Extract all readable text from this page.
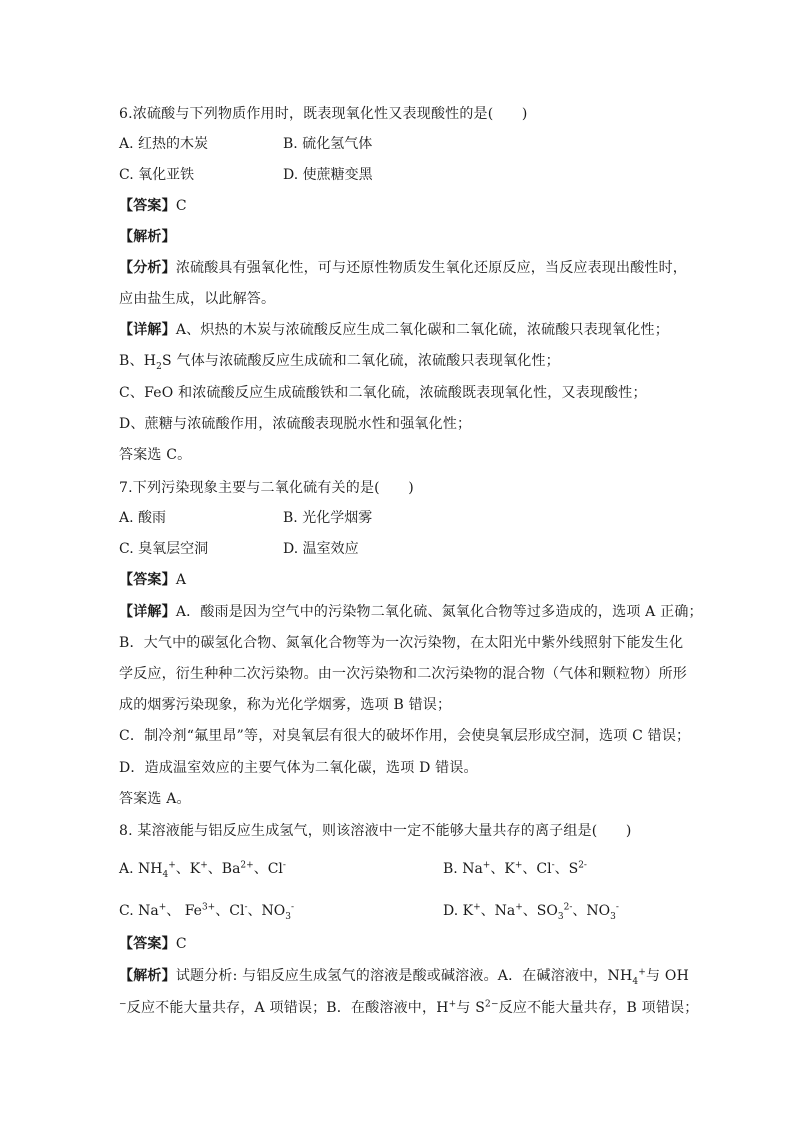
6.浓硫酸与下列物质作用时，既表现氧化性又表现酸性的是(　　)
A. 红热的木炭	B. 硫化氢气体
C. 氧化亚铁	D. 使蔗糖变黑
【答案】C
【解析】
【分析】浓硫酸具有强氧化性，可与还原性物质发生氧化还原反应，当反应表现出酸性时，
应由盐生成，以此解答。
【详解】A、炽热的木炭与浓硫酸反应生成二氧化碳和二氧化硫，浓硫酸只表现氧化性；
B、$H_2S$ 气体与浓硫酸反应生成硫和二氧化硫，浓硫酸只表现氧化性；
C、FeO 和浓硫酸反应生成硫酸铁和二氧化硫，浓硫酸既表现氧化性，又表现酸性；
D、蔗糖与浓硫酸作用，浓硫酸表现脱水性和强氧化性；
答案选 C。
7.下列污染现象主要与二氧化硫有关的是(　　)
A. 酸雨	B. 光化学烟雾
C. 臭氧层空洞	D. 温室效应
【答案】A
【详解】A．酸雨是因为空气中的污染物二氧化硫、氮氧化合物等过多造成的，选项 A 正确；
B．大气中的碳氢化合物、氮氧化合物等为一次污染物，在太阳光中紫外线照射下能发生化
学反应，衍生种种二次污染物。由一次污染物和二次污染物的混合物（气体和颗粒物）所形
成的烟雾污染现象，称为光化学烟雾，选项 B 错误；
C．制冷剂“氟里昂”等，对臭氧层有很大的破坏作用，会使臭氧层形成空洞，选项 C 错误；
D．造成温室效应的主要气体为二氧化碳，选项 D 错误。
答案选 A。
8. 某溶液能与铝反应生成氢气，则该溶液中一定不能够大量共存的离子组是(　　)
A. $NH_4^+$、K+、$Ba^{2+}$、Cl-	B. Na+、K+、Cl-、$S^{2-}$
C. Na+、 $Fe^{3+}$、Cl-、$NO_3^-$	D. K+、Na+、$SO_3^{2-}$、$NO_3^-$
【答案】C
【解析】试题分析: 与铝反应生成氢气的溶液是酸或碱溶液。A．在碱溶液中，$NH_4^+$与 OH
−反应不能大量共存，A 项错误；B．在酸溶液中，H+与 $S^{2-}$反应不能大量共存，B 项错误；
